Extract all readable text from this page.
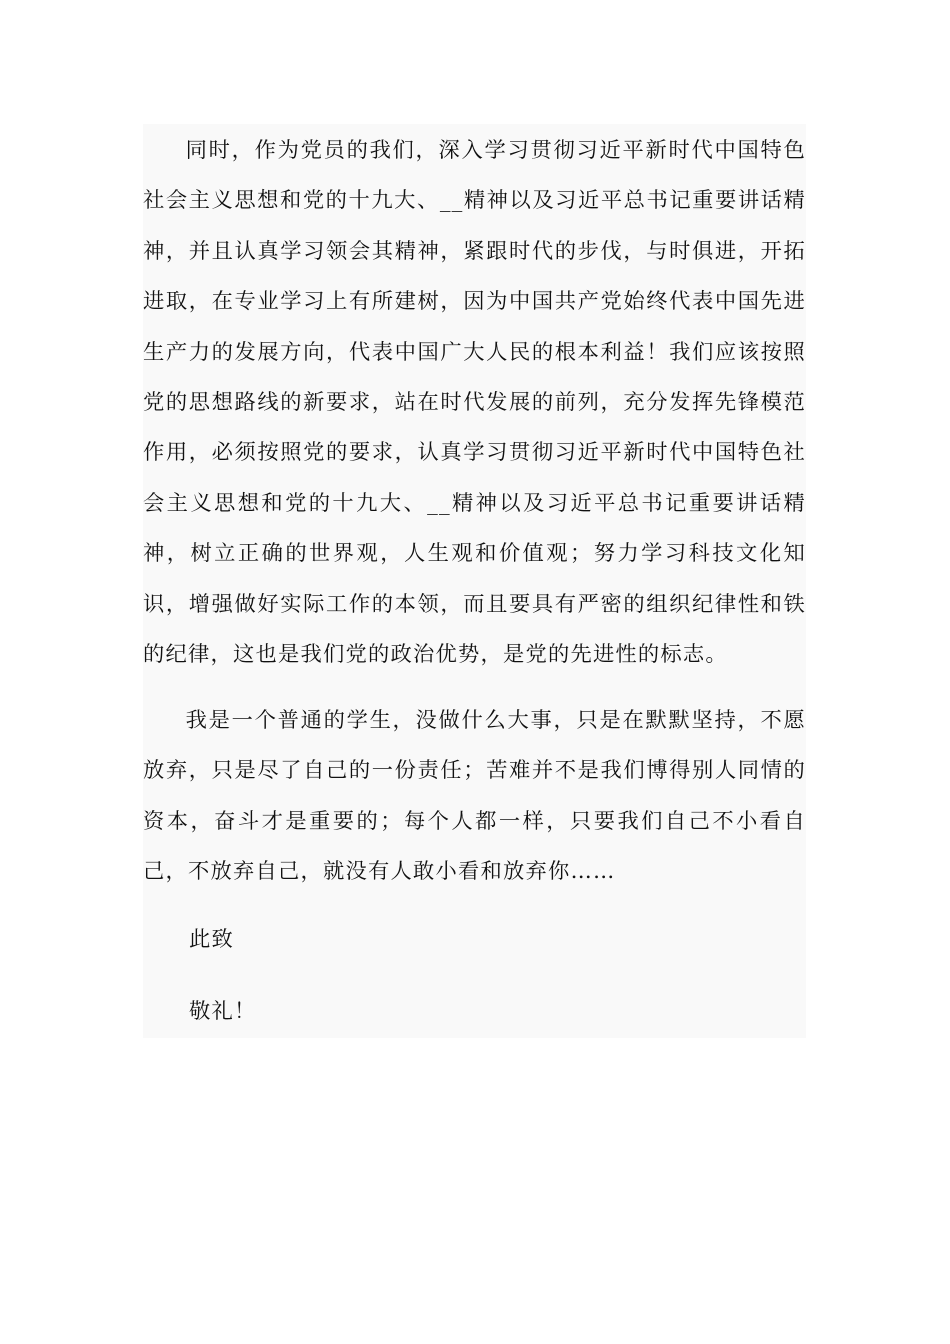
同时，作为党员的我们，深入学习贯彻习近平新时代中国特色社会主义思想和党的十九大、__精神以及习近平总书记重要讲话精神，并且认真学习领会其精神，紧跟时代的步伐，与时俱进，开拓进取，在专业学习上有所建树，因为中国共产党始终代表中国先进生产力的发展方向，代表中国广大人民的根本利益！我们应该按照党的思想路线的新要求，站在时代发展的前列，充分发挥先锋模范作用，必须按照党的要求，认真学习贯彻习近平新时代中国特色社会主义思想和党的十九大、__精神以及习近平总书记重要讲话精神，树立正确的世界观，人生观和价值观；努力学习科技文化知识，增强做好实际工作的本领，而且要具有严密的组织纪律性和铁的纪律，这也是我们党的政治优势，是党的先进性的标志。

我是一个普通的学生，没做什么大事，只是在默默坚持，不愿放弃，只是尽了自己的一份责任；苦难并不是我们博得别人同情的资本，奋斗才是重要的；每个人都一样，只要我们自己不小看自己，不放弃自己，就没有人敢小看和放弃你……

此致

敬礼！
